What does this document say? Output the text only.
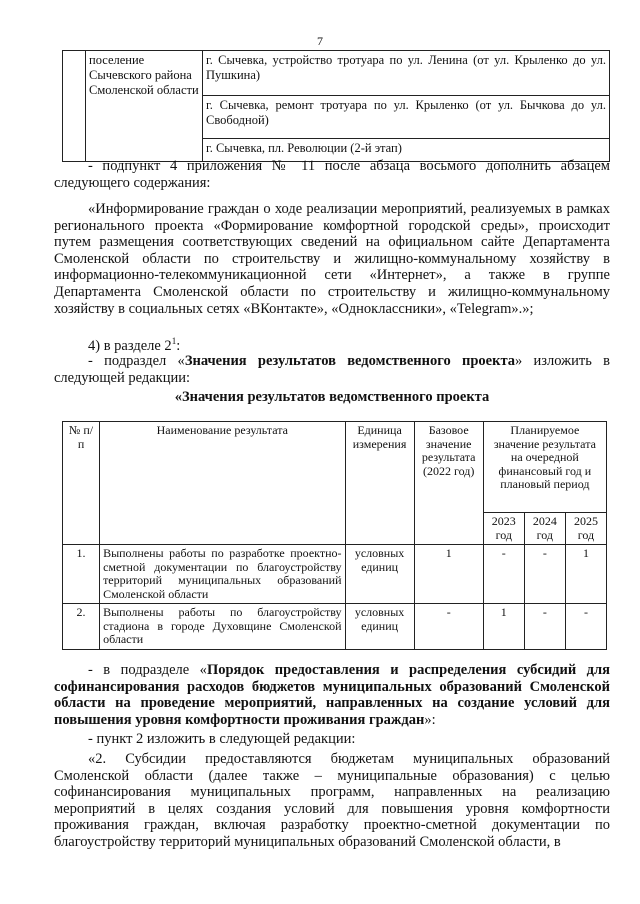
7
	поселение Сычевского района Смоленской области	г. Сычевка, устройство тротуара по ул. Ленина (от ул. Крыленко до ул. Пушкина)
г. Сычевка, ремонт тротуара по ул. Крыленко (от ул. Бычкова до ул. Свободной)
г. Сычевка, пл. Революции (2-й этап)
- подпункт 4 приложения № 11 после абзаца восьмого дополнить абзацем следующего содержания:
«Информирование граждан о ходе реализации мероприятий, реализуемых в рамках регионального проекта «Формирование комфортной городской среды», происходит путем размещения соответствующих сведений на официальном сайте Департамента Смоленской области по строительству и жилищно-коммунальному хозяйству в информационно-телекоммуникационной сети «Интернет», а также в группе Департамента Смоленской области по строительству и жилищно-коммунальному хозяйству в социальных сетях «ВКонтакте», «Одноклассники», «Telegram».»;
4) в разделе $2^1$:
- подраздел «Значения результатов ведомственного проекта» изложить в следующей редакции:
«Значения результатов ведомственного проекта
№ п/п	Наименование результата	Единица измерения	Базовое значение результата (2022 год)	Планируемое значение результата на очередной финансовый год и плановый период		
				2023 год	2024 год	2025 год
1.	Выполнены работы по разработке проектно-сметной документации по благоустройству территорий муниципальных образований Смоленской области	условных единиц	1	-	-	1
2.	Выполнены работы по благоустройству стадиона в городе Духовщине Смоленской области	условных единиц	-	1	-	-
- в подразделе «Порядок предоставления и распределения субсидий для софинансирования расходов бюджетов муниципальных образований Смоленской области на проведение мероприятий, направленных на создание условий для повышения уровня комфортности проживания граждан»:
- пункт 2 изложить в следующей редакции:
«2. Субсидии предоставляются бюджетам муниципальных образований Смоленской области (далее также – муниципальные образования) с целью софинансирования муниципальных программ, направленных на реализацию мероприятий в целях создания условий для повышения уровня комфортности проживания граждан, включая разработку проектно-сметной документации по благоустройству территорий муниципальных образований Смоленской области, в
